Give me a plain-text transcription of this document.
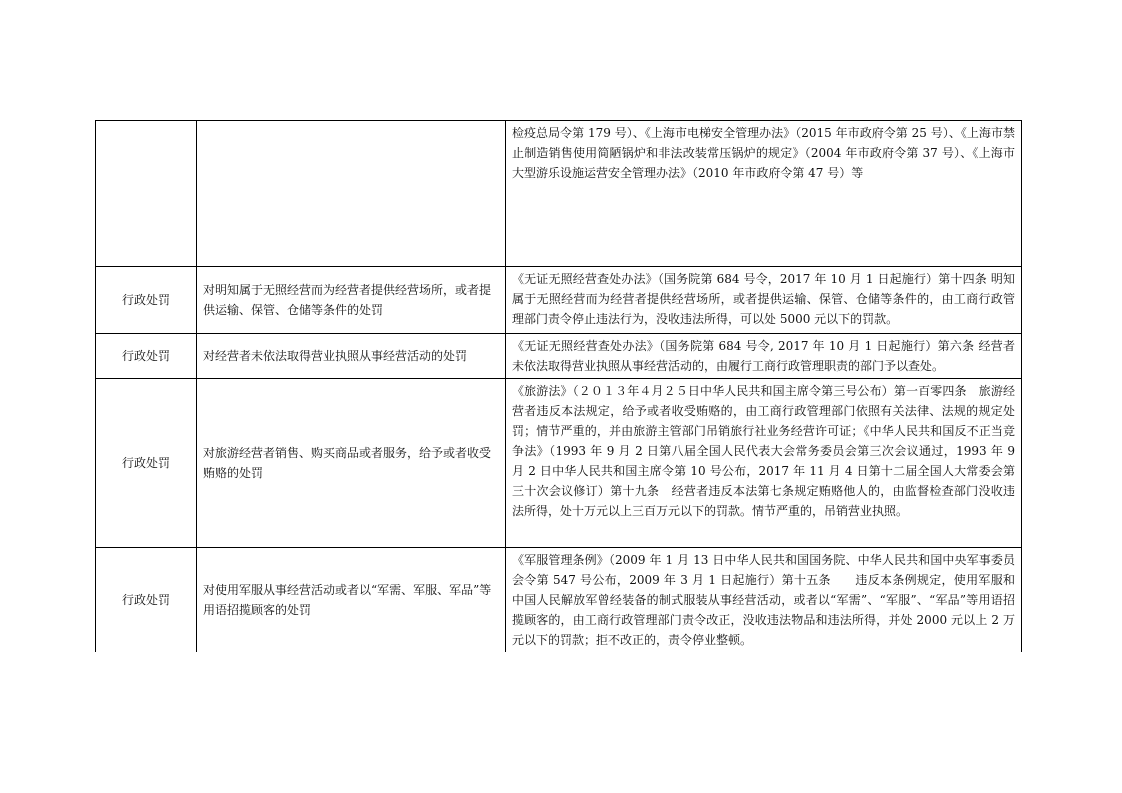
		检疫总局令第 179 号）、《上海市电梯安全管理办法》（2015 年市政府令第 25 号）、《上海市禁止制造销售使用简陋锅炉和非法改装常压锅炉的规定》（2004 年市政府令第 37 号）、《上海市大型游乐设施运营安全管理办法》（2010 年市政府令第 47 号）等
行政处罚	对明知属于无照经营而为经营者提供经营场所，或者提供运输、保管、仓储等条件的处罚	《无证无照经营查处办法》（国务院第 684 号令，2017 年 10 月 1 日起施行）第十四条 明知属于无照经营而为经营者提供经营场所，或者提供运输、保管、仓储等条件的，由工商行政管理部门责令停止违法行为，没收违法所得，可以处 5000 元以下的罚款。
行政处罚	对经营者未依法取得营业执照从事经营活动的处罚	《无证无照经营查处办法》（国务院第 684 号令, 2017 年 10 月 1 日起施行）第六条 经营者未依法取得营业执照从事经营活动的，由履行工商行政管理职责的部门予以查处。
行政处罚	对旅游经营者销售、购买商品或者服务，给予或者收受贿赂的处罚	《旅游法》（２０１３年４月２５日中华人民共和国主席令第三号公布）第一百零四条　旅游经营者违反本法规定，给予或者收受贿赂的，由工商行政管理部门依照有关法律、法规的规定处罚；情节严重的，并由旅游主管部门吊销旅行社业务经营许可证；《中华人民共和国反不正当竞争法》（1993 年 9 月 2 日第八届全国人民代表大会常务委员会第三次会议通过，1993 年 9 月 2 日中华人民共和国主席令第 10 号公布，2017 年 11 月 4 日第十二届全国人大常委会第三十次会议修订）第十九条　经营者违反本法第七条规定贿赂他人的，由监督检查部门没收违法所得，处十万元以上三百万元以下的罚款。情节严重的，吊销营业执照。
行政处罚	对使用军服从事经营活动或者以“军需、军服、军品”等用语招揽顾客的处罚	《军服管理条例》（2009 年 1 月 13 日中华人民共和国国务院、中华人民共和国中央军事委员会令第 547 号公布，2009 年 3 月 1 日起施行）第十五条　　违反本条例规定，使用军服和中国人民解放军曾经装备的制式服装从事经营活动，或者以“军需”、“军服”、“军品”等用语招揽顾客的，由工商行政管理部门责令改正，没收违法物品和违法所得，并处 2000 元以上 2 万元以下的罚款；拒不改正的，责令停业整顿。
